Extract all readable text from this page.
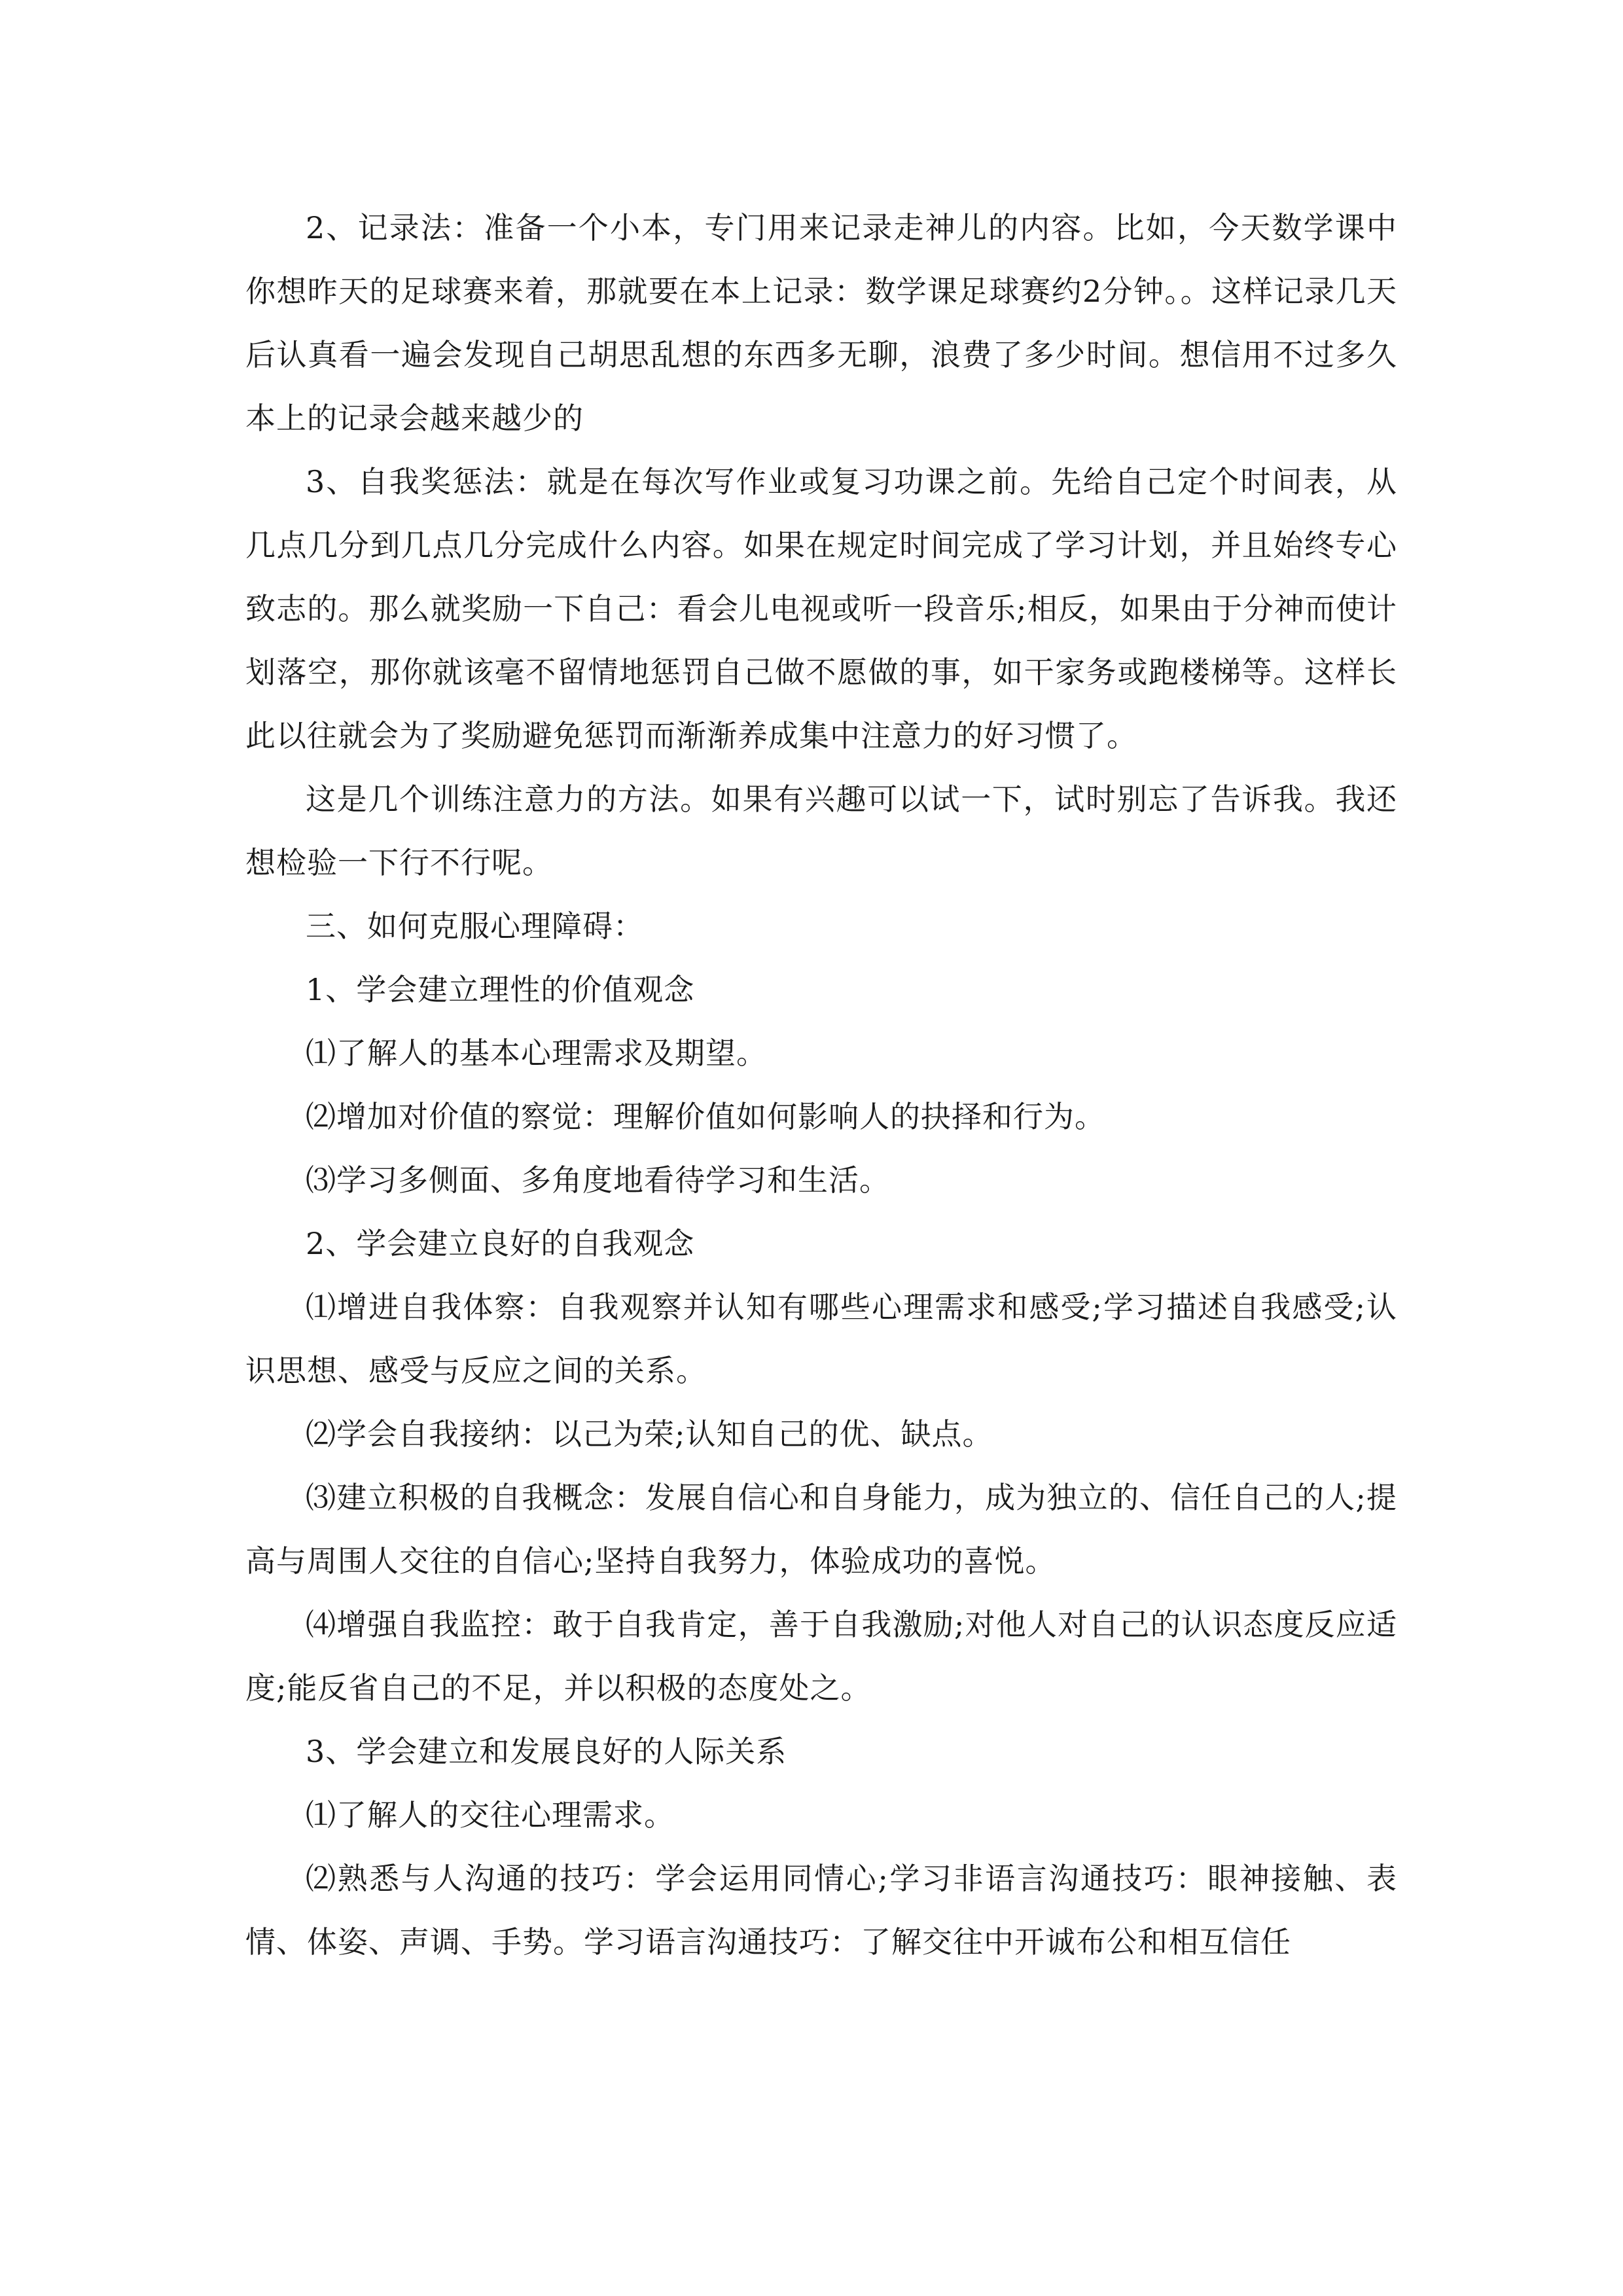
2、记录法：准备一个小本，专门用来记录走神儿的内容。比如，今天数学课中你想昨天的足球赛来着，那就要在本上记录：数学课足球赛约2分钟。。这样记录几天后认真看一遍会发现自己胡思乱想的东西多无聊，浪费了多少时间。想信用不过多久本上的记录会越来越少的

3、自我奖惩法：就是在每次写作业或复习功课之前。先给自己定个时间表，从几点几分到几点几分完成什么内容。如果在规定时间完成了学习计划，并且始终专心致志的。那么就奖励一下自己：看会儿电视或听一段音乐;相反，如果由于分神而使计划落空，那你就该毫不留情地惩罚自己做不愿做的事，如干家务或跑楼梯等。这样长此以往就会为了奖励避免惩罚而渐渐养成集中注意力的好习惯了。

这是几个训练注意力的方法。如果有兴趣可以试一下，试时别忘了告诉我。我还想检验一下行不行呢。

三、如何克服心理障碍：

1、学会建立理性的价值观念

⑴了解人的基本心理需求及期望。

⑵增加对价值的察觉：理解价值如何影响人的抉择和行为。

⑶学习多侧面、多角度地看待学习和生活。

2、学会建立良好的自我观念

⑴增进自我体察：自我观察并认知有哪些心理需求和感受;学习描述自我感受;认识思想、感受与反应之间的关系。

⑵学会自我接纳：以己为荣;认知自己的优、缺点。

⑶建立积极的自我概念：发展自信心和自身能力，成为独立的、信任自己的人;提高与周围人交往的自信心;坚持自我努力，体验成功的喜悦。

⑷增强自我监控：敢于自我肯定，善于自我激励;对他人对自己的认识态度反应适度;能反省自己的不足，并以积极的态度处之。

3、学会建立和发展良好的人际关系

⑴了解人的交往心理需求。

⑵熟悉与人沟通的技巧：学会运用同情心;学习非语言沟通技巧：眼神接触、表情、体姿、声调、手势。学习语言沟通技巧：了解交往中开诚布公和相互信任
